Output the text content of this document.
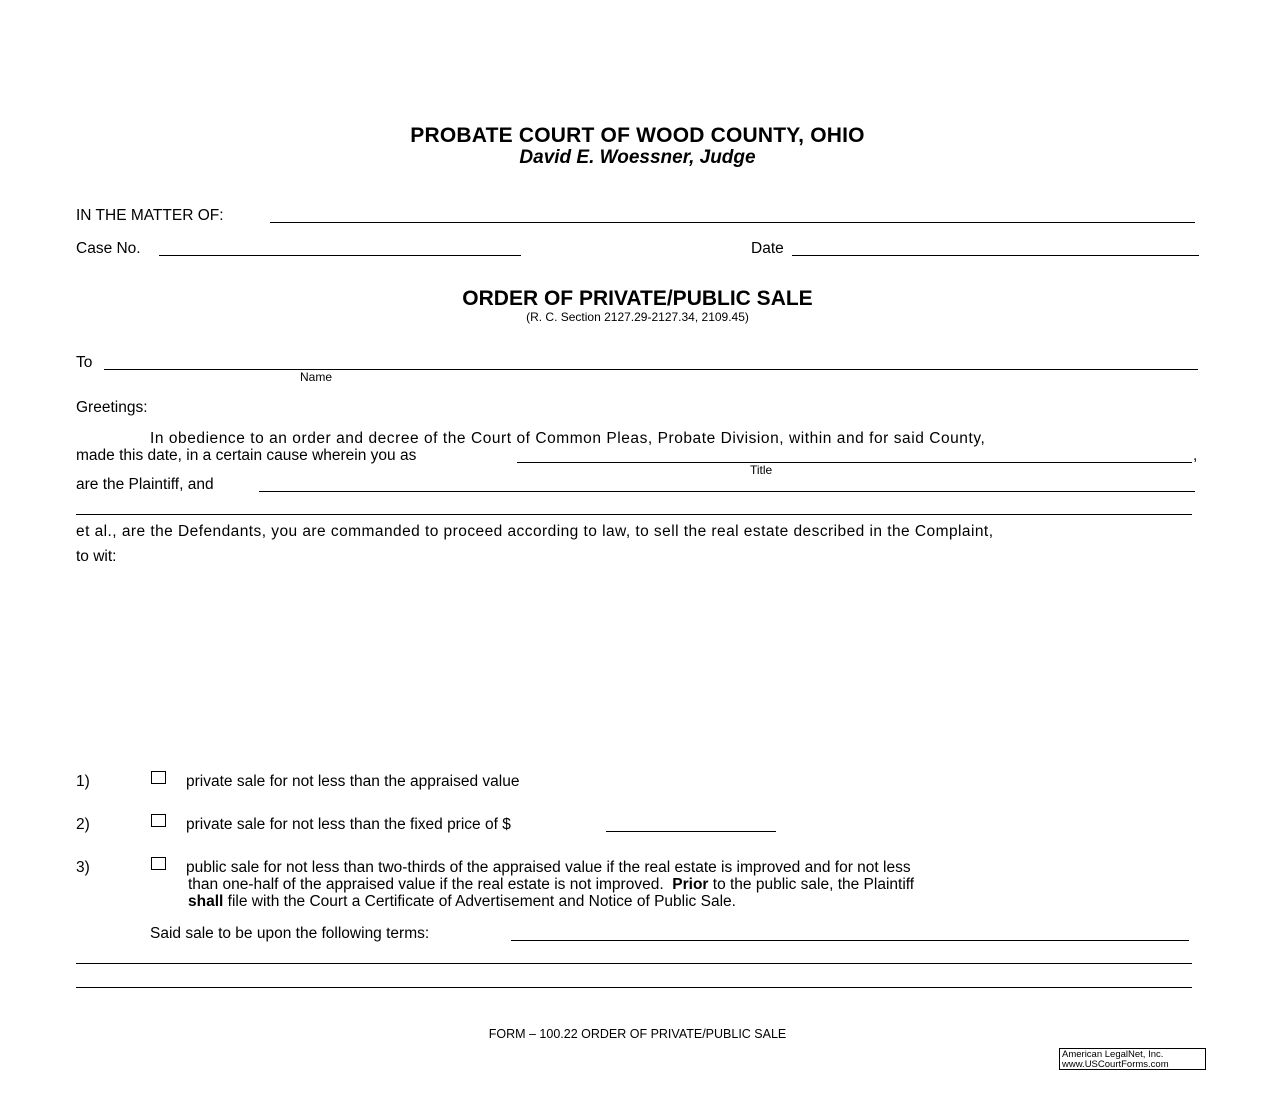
PROBATE COURT OF WOOD COUNTY, OHIO
David E. Woessner, Judge
IN THE MATTER OF:
Case No.	Date
ORDER OF PRIVATE/PUBLIC SALE
(R. C. Section 2127.29-2127.34, 2109.45)
To
Name
Greetings:
In obedience to an order and decree of the Court of Common Pleas, Probate Division, within and for said County,
made this date, in a certain cause wherein you as	,
Title
are the Plaintiff, and
et al., are the Defendants, you are commanded to proceed according to law, to sell the real estate described in the Complaint,
to wit:
1)	private sale for not less than the appraised value
2)	private sale for not less than the fixed price of $
3)	public sale for not less than two-thirds of the appraised value if the real estate is improved and for not less
than one-half of the appraised value if the real estate is not improved. Prior to the public sale, the Plaintiff
shall file with the Court a Certificate of Advertisement and Notice of Public Sale.
Said sale to be upon the following terms:
FORM – 100.22 ORDER OF PRIVATE/PUBLIC SALE
American LegalNet, Inc.
www.USCourtForms.com
